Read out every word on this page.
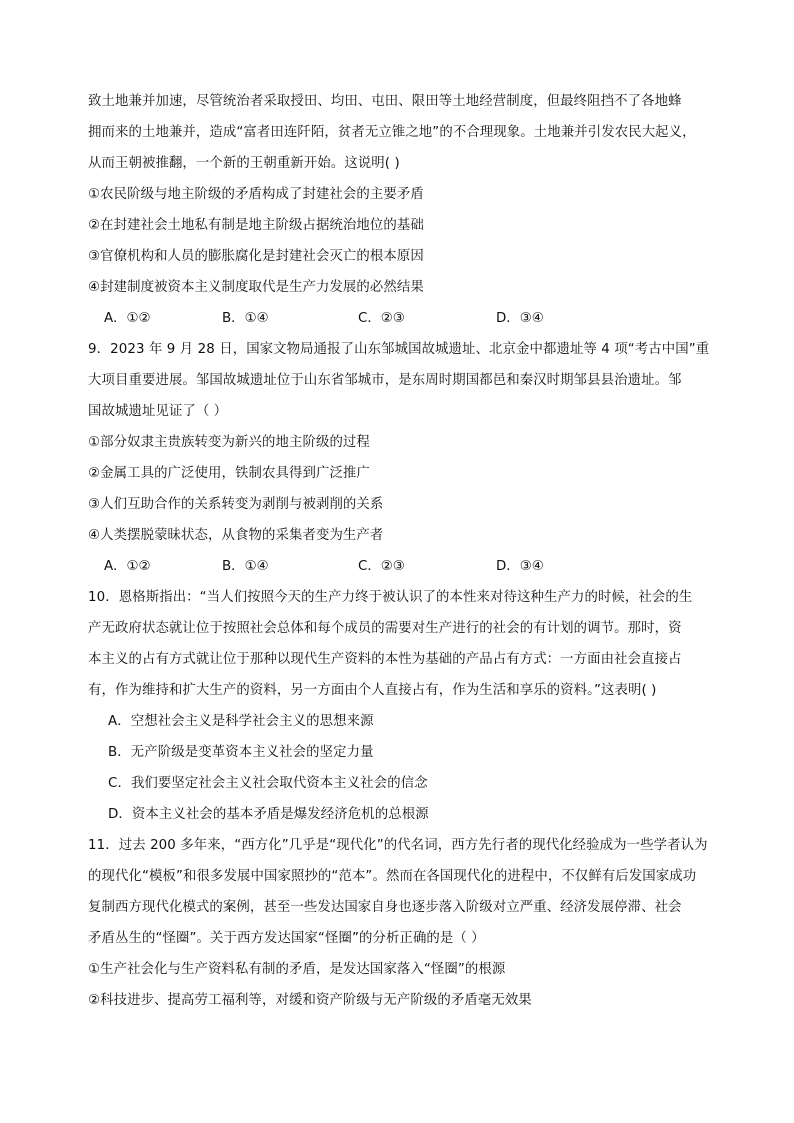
致土地兼并加速，尽管统治者采取授田、均田、屯田、限田等土地经营制度，但最终阻挡不了各地蜂
拥而来的土地兼并，造成“富者田连阡陌，贫者无立锥之地”的不合理现象。土地兼并引发农民大起义，
从而王朝被推翻，一个新的王朝重新开始。这说明( )
①农民阶级与地主阶级的矛盾构成了封建社会的主要矛盾
②在封建社会土地私有制是地主阶级占据统治地位的基础
③官僚机构和人员的膨胀腐化是封建社会灭亡的根本原因
④封建制度被资本主义制度取代是生产力发展的必然结果
A．①②	B．①④	C．②③	D．③④
9．2023 年 9 月 28 日，国家文物局通报了山东邹城国故城遗址、北京金中都遗址等 4 项“考古中国”重
大项目重要进展。邹国故城遗址位于山东省邹城市，是东周时期国都邑和秦汉时期邹县县治遗址。邹
国故城遗址见证了（ ）
①部分奴隶主贵族转变为新兴的地主阶级的过程
②金属工具的广泛使用，铁制农具得到广泛推广
③人们互助合作的关系转变为剥削与被剥削的关系
④人类摆脱蒙昧状态，从食物的采集者变为生产者
A．①②	B．①④	C．②③	D．③④
10．恩格斯指出：“当人们按照今天的生产力终于被认识了的本性来对待这种生产力的时候，社会的生
产无政府状态就让位于按照社会总体和每个成员的需要对生产进行的社会的有计划的调节。那时，资
本主义的占有方式就让位于那种以现代生产资料的本性为基础的产品占有方式：一方面由社会直接占
有，作为维持和扩大生产的资料，另一方面由个人直接占有，作为生活和享乐的资料。”这表明( )
A．空想社会主义是科学社会主义的思想来源
B．无产阶级是变革资本主义社会的坚定力量
C．我们要坚定社会主义社会取代资本主义社会的信念
D．资本主义社会的基本矛盾是爆发经济危机的总根源
11．过去 200 多年来，“西方化”几乎是“现代化”的代名词，西方先行者的现代化经验成为一些学者认为
的现代化“模板”和很多发展中国家照抄的“范本”。然而在各国现代化的进程中，不仅鲜有后发国家成功
复制西方现代化模式的案例，甚至一些发达国家自身也逐步落入阶级对立严重、经济发展停滞、社会
矛盾丛生的“怪圈”。关于西方发达国家“怪圈”的分析正确的是（ ）
①生产社会化与生产资料私有制的矛盾，是发达国家落入“怪圈”的根源
②科技进步、提高劳工福利等，对缓和资产阶级与无产阶级的矛盾毫无效果
